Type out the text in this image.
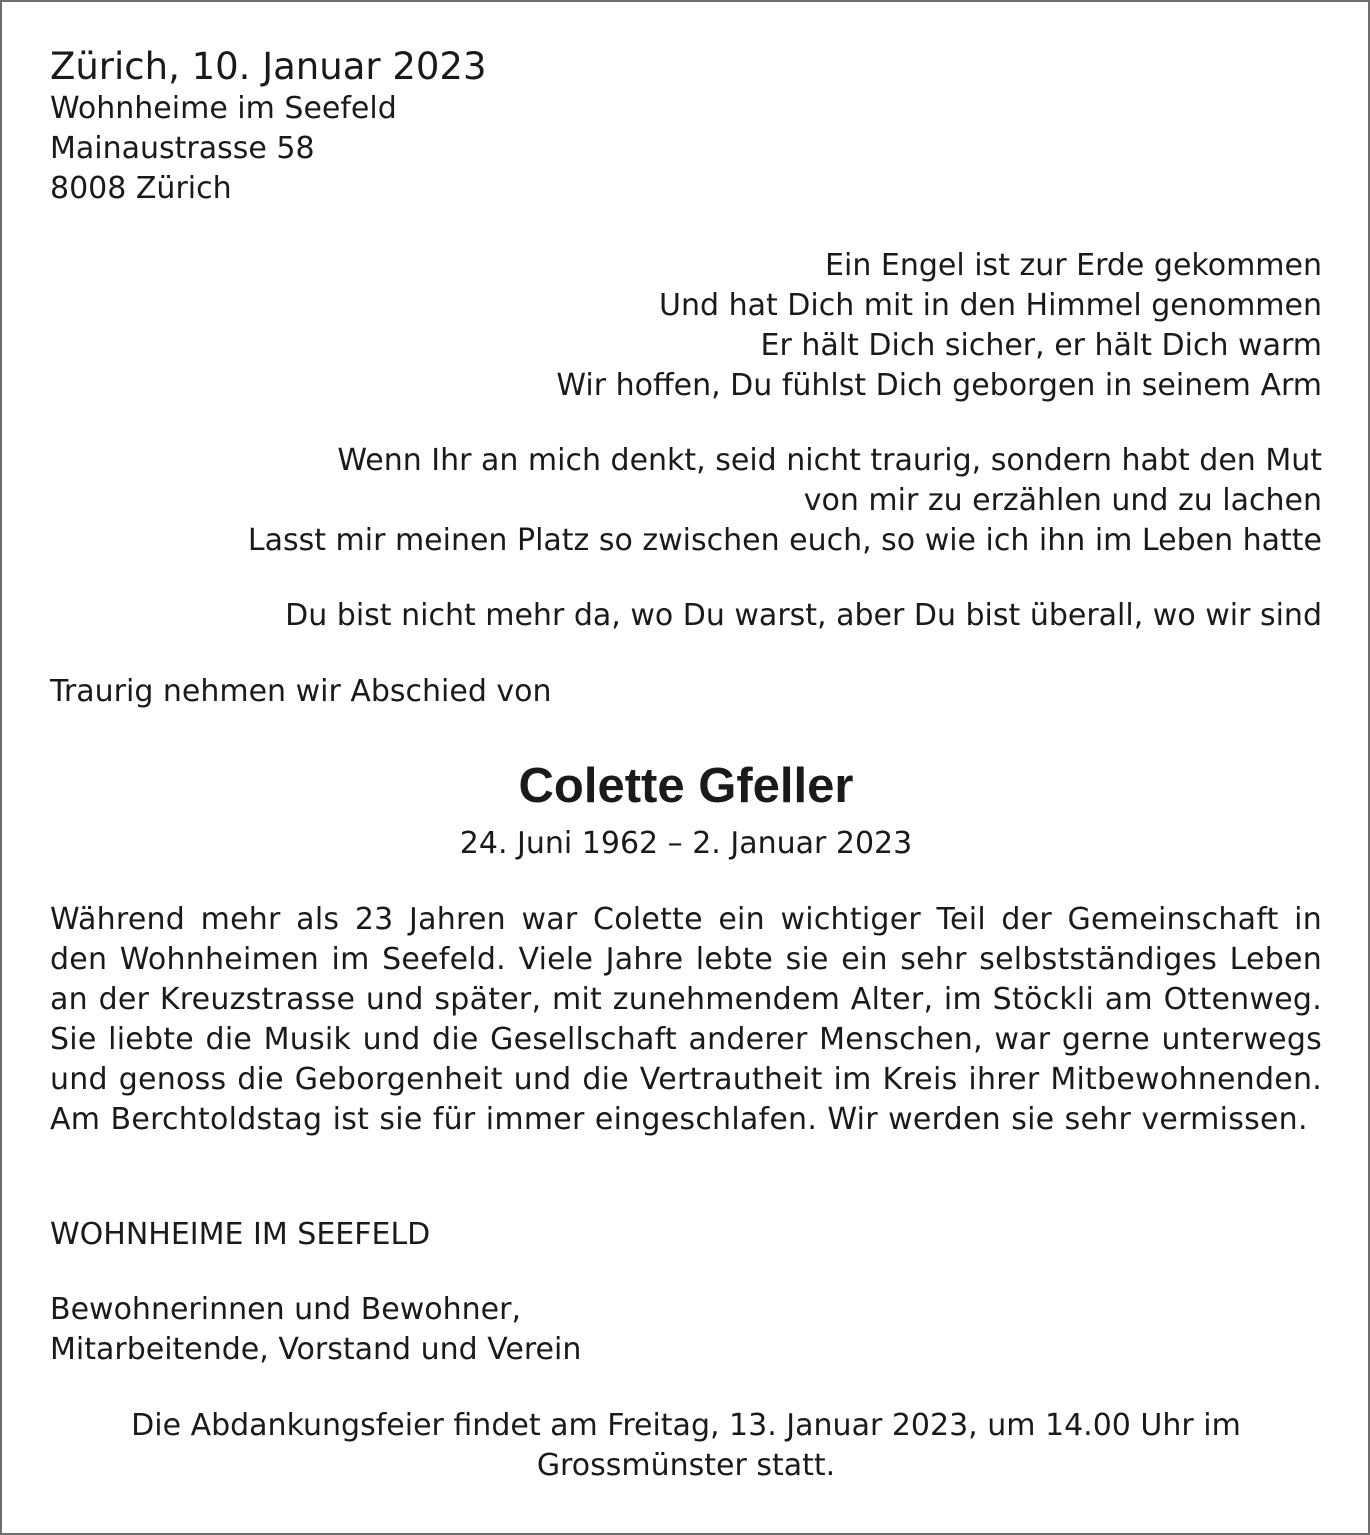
Zürich, 10. Januar 2023
Wohnheime im Seefeld
Mainaustrasse 58
8008 Zürich
Ein Engel ist zur Erde gekommen
Und hat Dich mit in den Himmel genommen
Er hält Dich sicher, er hält Dich warm
Wir hoffen, Du fühlst Dich geborgen in seinem Arm
Wenn Ihr an mich denkt, seid nicht traurig, sondern habt den Mut
von mir zu erzählen und zu lachen
Lasst mir meinen Platz so zwischen euch, so wie ich ihn im Leben hatte
Du bist nicht mehr da, wo Du warst, aber Du bist überall, wo wir sind
Traurig nehmen wir Abschied von
Colette Gfeller
24. Juni 1962 – 2. Januar 2023
Während mehr als 23 Jahren war Colette ein wichtiger Teil der Gemeinschaft in den Wohnheimen im Seefeld. Viele Jahre lebte sie ein sehr selbstständiges Leben an der Kreuzstrasse und später, mit zunehmendem Alter, im Stöckli am Ottenweg. Sie liebte die Musik und die Gesellschaft anderer Menschen, war gerne unterwegs und genoss die Geborgenheit und die Vertrautheit im Kreis ihrer Mitbewohnenden. Am Berchtoldstag ist sie für immer eingeschlafen. Wir werden sie sehr vermissen.
WOHNHEIME IM SEEFELD
Bewohnerinnen und Bewohner,
Mitarbeitende, Vorstand und Verein
Die Abdankungsfeier findet am Freitag, 13. Januar 2023, um 14.00 Uhr im Grossmünster statt.
